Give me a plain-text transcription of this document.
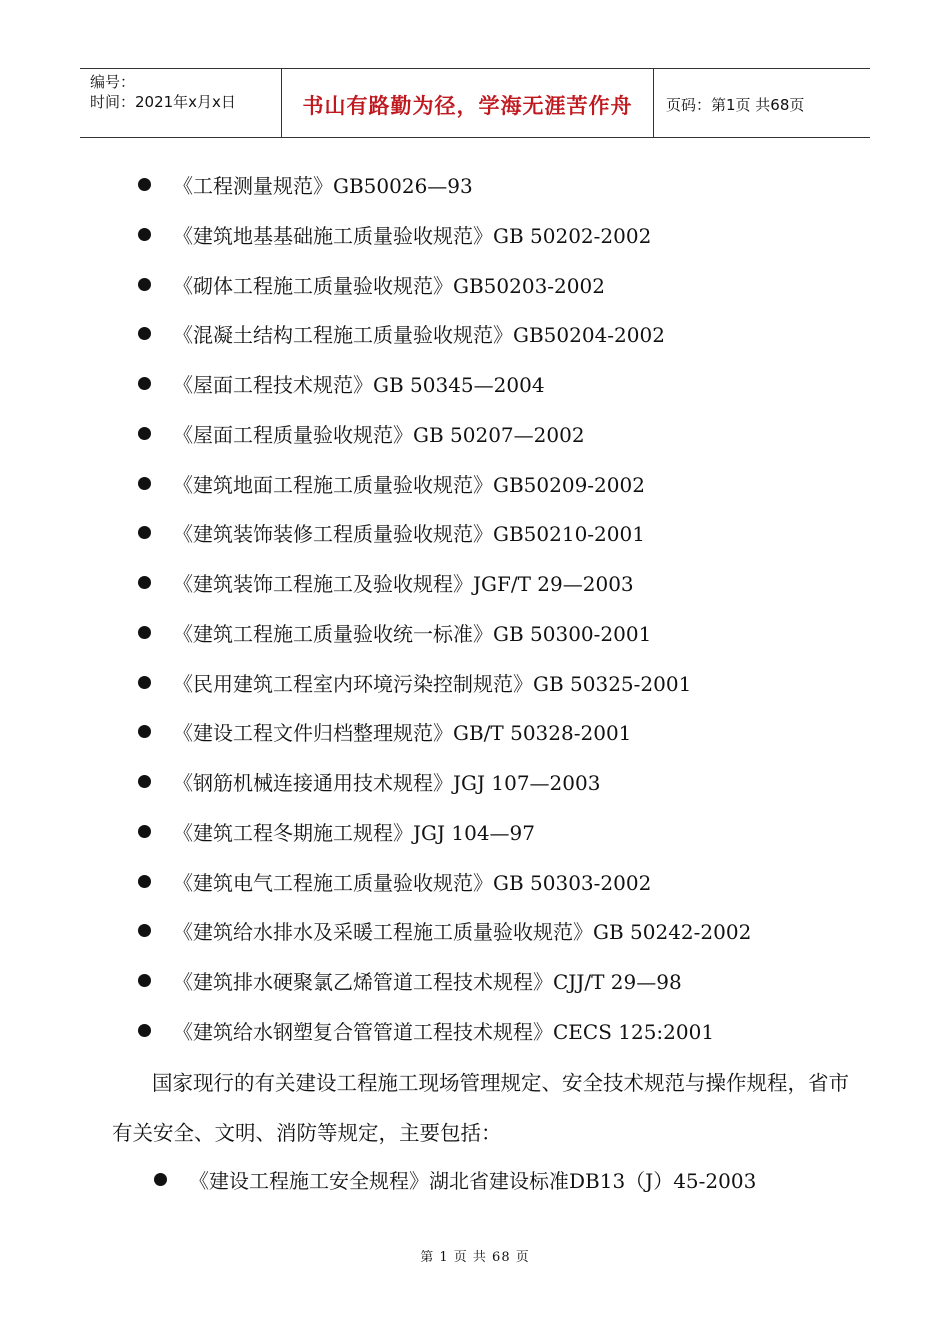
编号：
时间：2021年x月x日	书山有路勤为径，学海无涯苦作舟	页码：第1页 共68页
《工程测量规范》GB50026—93
《建筑地基基础施工质量验收规范》GB 50202-2002
《砌体工程施工质量验收规范》GB50203-2002
《混凝土结构工程施工质量验收规范》GB50204-2002
《屋面工程技术规范》GB 50345—2004
《屋面工程质量验收规范》GB 50207—2002
《建筑地面工程施工质量验收规范》GB50209-2002
《建筑装饰装修工程质量验收规范》GB50210-2001
《建筑装饰工程施工及验收规程》JGF/T 29—2003
《建筑工程施工质量验收统一标准》GB 50300-2001
《民用建筑工程室内环境污染控制规范》GB 50325-2001
《建设工程文件归档整理规范》GB/T 50328-2001
《钢筋机械连接通用技术规程》JGJ 107—2003
《建筑工程冬期施工规程》JGJ 104—97
《建筑电气工程施工质量验收规范》GB 50303-2002
《建筑给水排水及采暖工程施工质量验收规范》GB 50242-2002
《建筑排水硬聚氯乙烯管道工程技术规程》CJJ/T 29—98
《建筑给水钢塑复合管管道工程技术规程》CECS 125:2001

国家现行的有关建设工程施工现场管理规定、安全技术规范与操作规程，省市有关安全、文明、消防等规定，主要包括：

《建设工程施工安全规程》湖北省建设标准DB13（J）45-2003
第 1 页 共 68 页
